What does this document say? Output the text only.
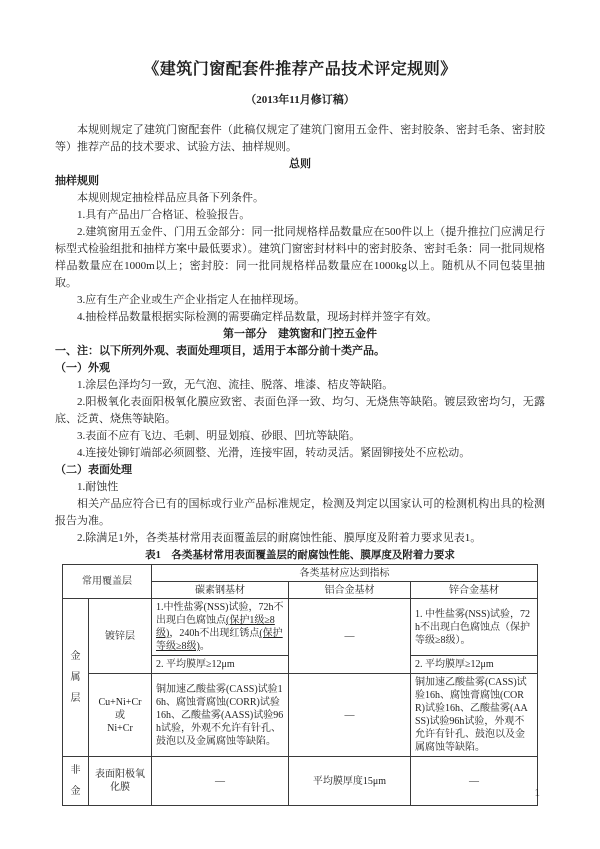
《建筑门窗配套件推荐产品技术评定规则》
（2013年11月修订稿）

本规则规定了建筑门窗配套件（此稿仅规定了建筑门窗用五金件、密封胶条、密封毛条、密封胶等）推荐产品的技术要求、试验方法、抽样规则。

总则
抽样规则

本规则规定抽检样品应具备下列条件。

1.具有产品出厂合格证、检验报告。

2.建筑窗用五金件、门用五金部分：同一批同规格样品数量应在500件以上（提升推拉门应满足行标型式检验组批和抽样方案中最低要求）。建筑门窗密封材料中的密封胶条、密封毛条：同一批同规格样品数量应在1000m以上；密封胶：同一批同规格样品数量应在1000kg以上。随机从不同包装里抽取。

3.应有生产企业或生产企业指定人在抽样现场。

4.抽检样品数量根据实际检测的需要确定样品数量，现场封样并签字有效。

第一部分　建筑窗和门控五金件
一、注：以下所列外观、表面处理项目，适用于本部分前十类产品。
（一）外观

1.涂层色泽均匀一致，无气泡、流挂、脱落、堆漆、桔皮等缺陷。

2.阳极氧化表面阳极氧化膜应致密、表面色泽一致、均匀、无烧焦等缺陷。镀层致密均匀，无露底、泛黄、烧焦等缺陷。

3.表面不应有飞边、毛刺、明显划痕、砂眼、凹坑等缺陷。

4.连接处铆钉端部必须圆整、光滑，连接牢固，转动灵活。紧固铆接处不应松动。

（二）表面处理

1.耐蚀性

相关产品应符合已有的国标或行业产品标准规定，检测及判定以国家认可的检测机构出具的检测报告为准。

2.除满足1外，各类基材常用表面覆盖层的耐腐蚀性能、膜厚度及附着力要求见表1。

表1　各类基材常用表面覆盖层的耐腐蚀性能、膜厚度及附着力要求
常用覆盖层		各类基材应达到指标		
		碳素钢基材	铝合金基材	锌合金基材
金属层	镀锌层	1.中性盐雾(NSS)试验，72h不出现白色腐蚀点(保护1级≥8级)，240h不出现红锈点(保护等级≥8级)。	—	1. 中性盐雾(NSS)试验，72h不出现白色腐蚀点（保护等级≥8级）。
		2. 平均膜厚≥12μm		2. 平均膜厚≥12μm

	Cu+Ni+Cr
或
Ni+Cr	铜加速乙酸盐雾(CASS)试验16h、腐蚀膏腐蚀(CORR)试验16h、乙酸盐雾(AASS)试验96h试验，外观不允许有针孔、鼓泡以及金属腐蚀等缺陷。	—	铜加速乙酸盐雾(CASS)试验16h、腐蚀膏腐蚀(CORR)试验16h、乙酸盐雾(AASS)试验96h试验，外观不允许有针孔、鼓泡以及金属腐蚀等缺陷。
非金	表面阳极氧化膜	—	平均膜厚度15μm	—
1
